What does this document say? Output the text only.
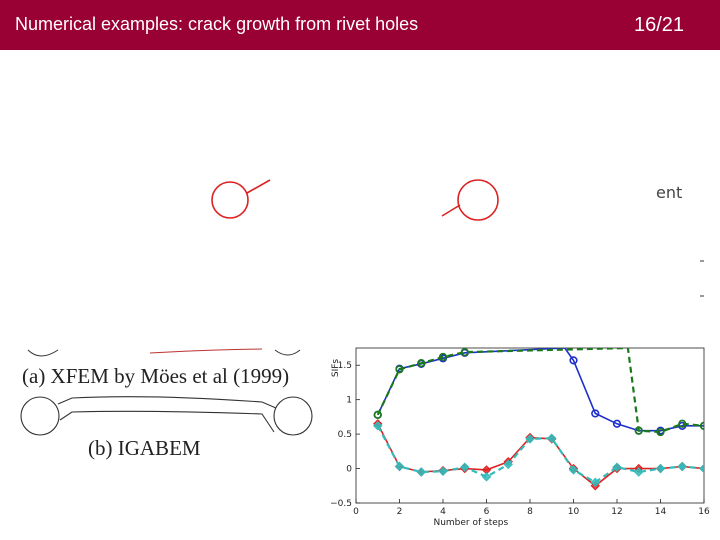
Numerical examples: crack growth from rivet holes	16/21
−0.5
0
0.5
1
1.5
0	2	4	6	8	10	12	14	16
SIFs
Number of steps
(a) XFEM by Möes et al (1999)
(b) IGABEM
ent
